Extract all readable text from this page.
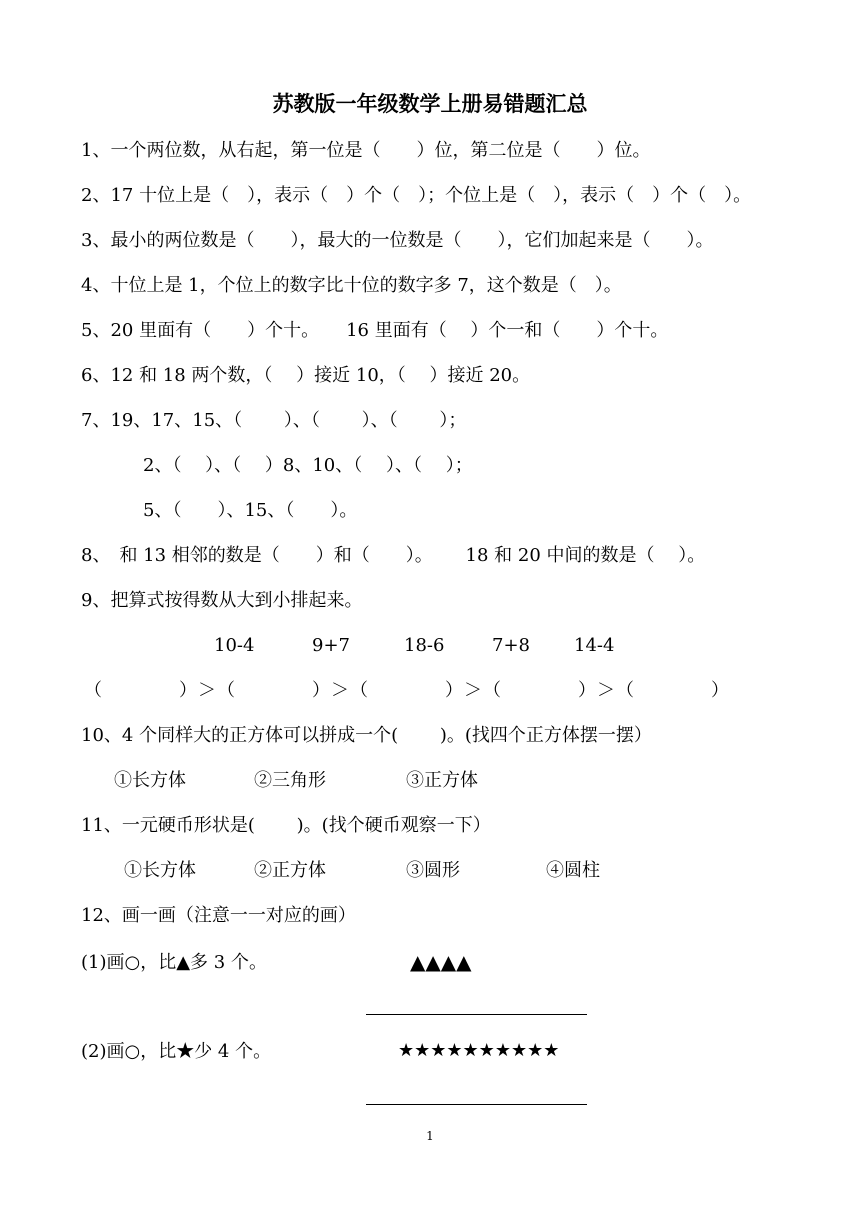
苏教版一年级数学上册易错题汇总
1、一个两位数，从右起，第一位是（　　）位，第二位是（　　）位。
2、17 十位上是（　），表示（　）个（　）；个位上是（　），表示（　）个（　）。
3、最小的两位数是（　　），最大的一位数是（　　），它们加起来是（　　）。
4、十位上是 1，个位上的数字比十位的数字多 7，这个数是（　）。
5、20 里面有（　　）个十。　　16 里面有（　 ）个一和（　　）个十。
6、12 和 18 两个数，（　 ）接近 10，（　 ）接近 20。
7、19、17、15、（　　 ）、（　　 ）、（　　 ）；
2、（　 ）、（　 ）8、10、（　 ）、（　 ）；
5、（　　）、15、（　　）。
8、　和 13 相邻的数是（　　）和（　　）。　　 18 和 20 中间的数是（　 ）。
9、把算式按得数从大到小排起来。
10-4	9+7	18-6	7+8 14-4
（　　　　）＞（　　　　）＞（　　　　）＞（　　　　）＞（　　　　）
10、4 个同样大的正方体可以拼成一个(　　 )。(找四个正方体摆一摆）
①长方体	②三角形	③正方体
11、一元硬币形状是(　　 )。(找个硬币观察一下）
①长方体	②正方体	③圆形	④圆柱
12、画一画（注意一一对应的画）
(1)画○，比▲多 3 个。	▲▲▲▲
(2)画○，比★少 4 个。	★★★★★★★★★★
1
